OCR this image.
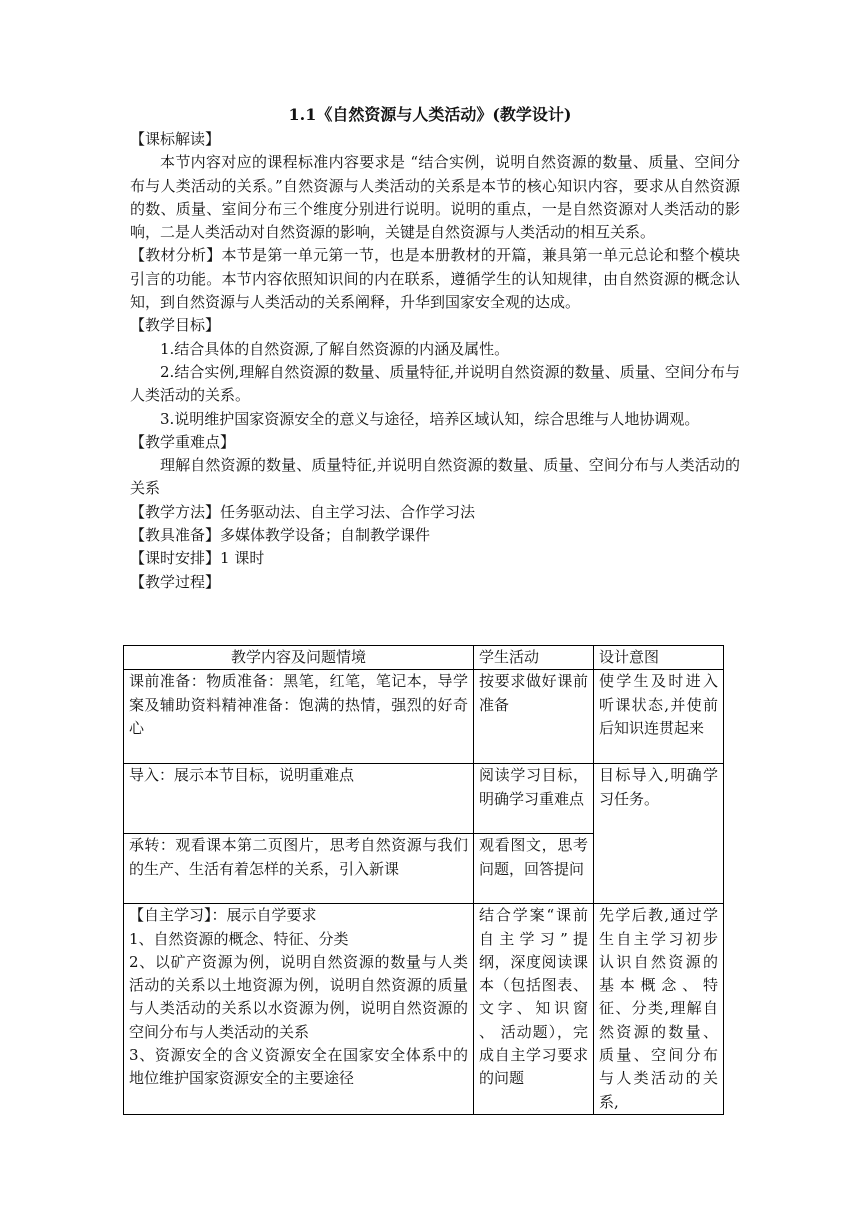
1.1《自然资源与人类活动》(教学设计)

【课标解读】

本节内容对应的课程标准内容要求是 “结合实例，说明自然资源的数量、质量、空间分布与人类活动的关系。”自然资源与人类活动的关系是本节的核心知识内容，要求从自然资源的数、质量、室间分布三个维度分别进行说明。说明的重点，一是自然资源对人类活动的影响，二是人类活动对自然资源的影响，关键是自然资源与人类活动的相互关系。

【教材分析】本节是第一单元第一节，也是本册教材的开篇，兼具第一单元总论和整个模块引言的功能。本节内容依照知识间的内在联系，遵循学生的认知规律，由自然资源的概念认知，到自然资源与人类活动的关系阐释，升华到国家安全观的达成。

【教学目标】

1.结合具体的自然资源,了解自然资源的内涵及属性。

2.结合实例,理解自然资源的数量、质量特征,并说明自然资源的数量、质量、空间分布与人类活动的关系。

3.说明维护国家资源安全的意义与途径，培养区域认知，综合思维与人地协调观。

【教学重难点】

理解自然资源的数量、质量特征,并说明自然资源的数量、质量、空间分布与人类活动的关系

【教学方法】任务驱动法、自主学习法、合作学习法

【教具准备】多媒体教学设备；自制教学课件

【课时安排】1 课时

【教学过程】

教学内容及问题情境	学生活动	设计意图
课前准备：物质准备：黑笔，红笔，笔记本，导学案及辅助资料精神准备：饱满的热情，强烈的好奇心	按要求做好课前准备	使学生及时进入听课状态,并使前后知识连贯起来
导入：展示本节目标，说明重难点	阅读学习目标，明确学习重难点	目标导入,明确学习任务。
承转：观看课本第二页图片，思考自然资源与我们的生产、生活有着怎样的关系，引入新课	观看图文，思考问题，回答提问	
【自主学习】：展示自学要求
1、自然资源的概念、特征、分类
2、以矿产资源为例，说明自然资源的数量与人类活动的关系以土地资源为例，说明自然资源的质量与人类活动的关系以水资源为例，说明自然资源的空间分布与人类活动的关系
3、资源安全的含义资源安全在国家安全体系中的地位维护国家资源安全的主要途径	结合学案“课前自主学习”提纲，深度阅读课本（包括图表、文字、知识窗 、 活动题），完成自主学习要求的问题	先学后教,通过学生自主学习初步认识自然资源的基本概念、特征、分类,理解自然资源的数量、质量、空间分布与人类活动的关系,
